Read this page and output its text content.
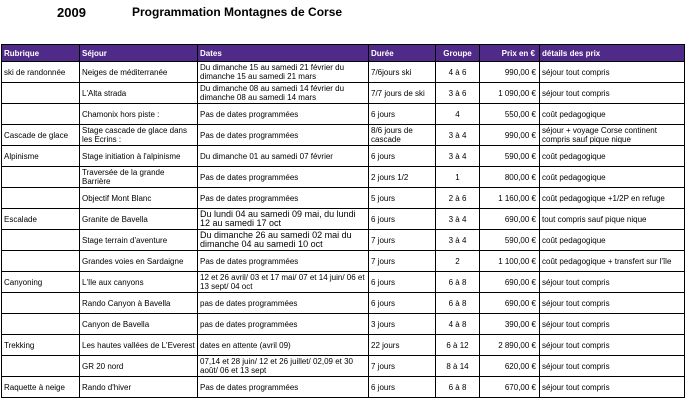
2009	Programmation Montagnes de Corse
Rubrique	Séjour	Dates	Durée	Groupe	Prix en €	détails des prix
ski de randonnée	Neiges de méditerranée	Du dimanche 15 au samedi 21 février du dimanche 15 au samedi 21 mars	7/6jours ski	4 à 6	990,00 €	séjour tout compris
	L'Alta strada	Du dimanche 08 au samedi 14 février du dimanche 08 au samedi 14 mars	7/7 jours de ski	3 à 6	1 090,00 €	séjour tout compris
	Chamonix hors piste :	Pas de dates programmées	6 jours	4	550,00 €	coût pedagogique
Cascade de glace	Stage cascade de glace dans les Ecrins :	Pas de dates programmées	8/6 jours de cascade	3 à 4	990,00 €	séjour + voyage Corse continent compris sauf pique nique
Alpinisme	Stage initiation à l'alpinisme	Du dimanche 01 au samedi 07 février	6 jours	3 à 4	590,00 €	coût pedagogique
	Traversée de la grande Barrière	Pas de dates programmées	2 jours 1/2	1	800,00 €	coût pedagogique
	Objectif Mont Blanc	Pas de dates programmées	5 jours	2 à 6	1 160,00 €	coût pedagogique +1/2P en refuge
Escalade	Granite de Bavella	Du lundi 04 au samedi 09 mai, du lundi 12 au samedi 17 oct	6 jours	3 à 4	690,00 €	tout compris sauf pique nique
	Stage terrain d'aventure	Du dimanche 26 au samedi 02 mai du dimanche 04 au samedi 10 oct	7 jours	3 à 4	590,00 €	coût pedagogique
	Grandes voies en Sardaigne	Pas de dates programmées	7 jours	2	1 100,00 €	coût pedagogique + transfert sur l'île
Canyoning	L'Ile aux canyons	12 et 26 avril/ 03 et 17 mai/ 07 et 14 juin/ 06 et 13 sept/ 04 oct	6 jours	6 à 8	690,00 €	séjour tout compris
	Rando Canyon à Bavella	pas de dates programmées	6 jours	6 à 8	690,00 €	séjour tout compris
	Canyon de Bavella	pas de dates programmées	3 jours	4 à 8	390,00 €	séjour tout compris
Trekking	Les hautes vallées de L'Everest	dates en attente (avril 09)	22 jours	6 à 12	2 890,00 €	séjour tout compris
	GR 20 nord	07,14 et 28 juin/ 12 et 26 juillet/ 02,09 et 30 août/ 06 et 13 sept	7 jours	8 à 14	620,00 €	séjour tout compris
Raquette à neige	Rando d'hiver	Pas de dates programmées	6 jours	6 à 8	670,00 €	séjour tout compris
